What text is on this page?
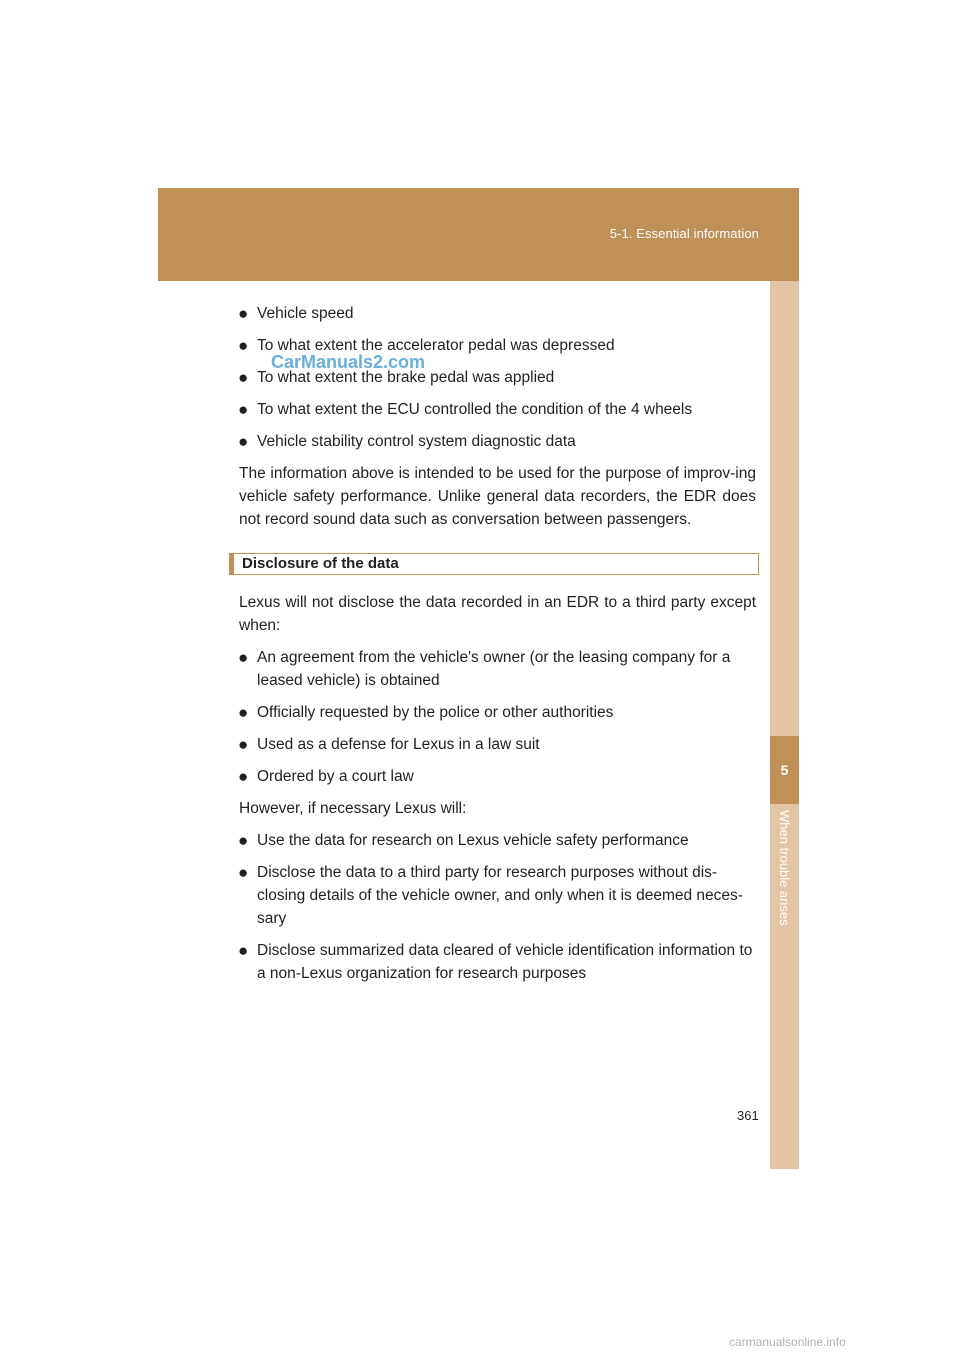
5-1. Essential information
5
When trouble arises
● Vehicle speed
● To what extent the accelerator pedal was depressed
● To what extent the brake pedal was applied
● To what extent the ECU controlled the condition of the 4 wheels
● Vehicle stability control system diagnostic data

The information above is intended to be used for the purpose of improv-ing vehicle safety performance. Unlike general data recorders, the EDR does not record sound data such as conversation between passengers.

Disclosure of the data

Lexus will not disclose the data recorded in an EDR to a third party except when:

● An agreement from the vehicle's owner (or the leasing company for a leased vehicle) is obtained
● Officially requested by the police or other authorities
● Used as a defense for Lexus in a law suit
● Ordered by a court law

However, if necessary Lexus will:

● Use the data for research on Lexus vehicle safety performance
● Disclose the data to a third party for research purposes without dis-closing details of the vehicle owner, and only when it is deemed neces-sary
● Disclose summarized data cleared of vehicle identification information to a non-Lexus organization for research purposes
CarManuals2.com
361
carmanualsonline.info
